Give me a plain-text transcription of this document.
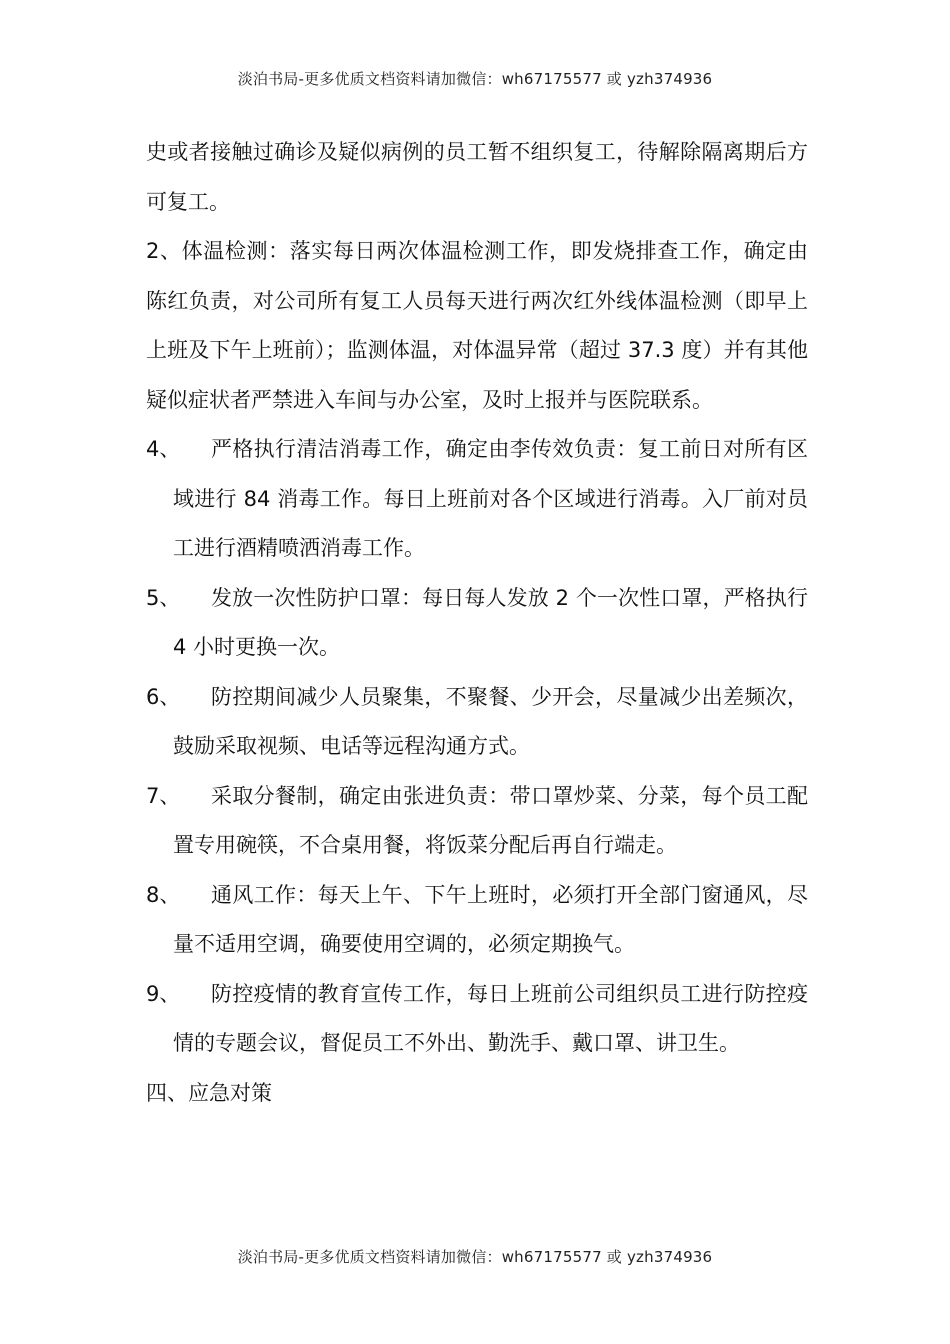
淡泊书局-更多优质文档资料请加微信：wh67175577 或 yzh374936

史或者接触过确诊及疑似病例的员工暂不组织复工，待解除隔离期后方可复工。

2、体温检测：落实每日两次体温检测工作，即发烧排查工作，确定由陈红负责，对公司所有复工人员每天进行两次红外线体温检测（即早上上班及下午上班前）；监测体温，对体温异常（超过 37.3 度）并有其他疑似症状者严禁进入车间与办公室，及时上报并与医院联系。

4、	严格执行清洁消毒工作，确定由李传效负责：复工前日对所有区域进行 84 消毒工作。每日上班前对各个区域进行消毒。入厂前对员工进行酒精喷洒消毒工作。
5、	发放一次性防护口罩：每日每人发放 2 个一次性口罩，严格执行 4 小时更换一次。
6、	防控期间减少人员聚集，不聚餐、少开会，尽量减少出差频次，鼓励采取视频、电话等远程沟通方式。
7、	采取分餐制，确定由张进负责：带口罩炒菜、分菜，每个员工配置专用碗筷，不合桌用餐，将饭菜分配后再自行端走。
8、	通风工作：每天上午、下午上班时，必须打开全部门窗通风，尽量不适用空调，确要使用空调的，必须定期换气。
9、	防控疫情的教育宣传工作，每日上班前公司组织员工进行防控疫情的专题会议，督促员工不外出、勤洗手、戴口罩、讲卫生。

四、应急对策

淡泊书局-更多优质文档资料请加微信：wh67175577 或 yzh374936
